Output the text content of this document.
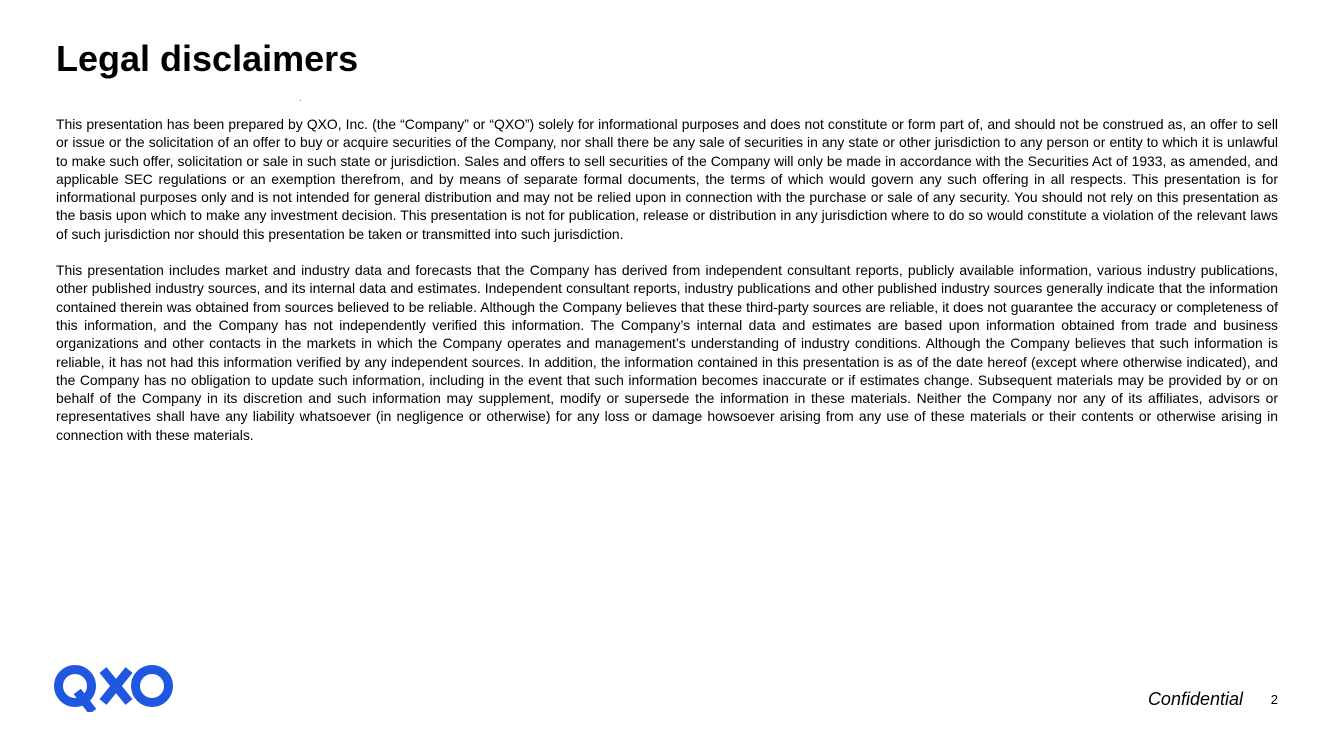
Legal disclaimers

This presentation has been prepared by QXO, Inc. (the “Company” or “QXO”) solely for informational purposes and does not constitute or form part of, and should not be construed as, an offer to sell or issue or the solicitation of an offer to buy or acquire securities of the Company, nor shall there be any sale of securities in any state or other jurisdiction to any person or entity to which it is unlawful to make such offer, solicitation or sale in such state or jurisdiction. Sales and offers to sell securities of the Company will only be made in accordance with the Securities Act of 1933, as amended, and applicable SEC regulations or an exemption therefrom, and by means of separate formal documents, the terms of which would govern any such offering in all respects. This presentation is for informational purposes only and is not intended for general distribution and may not be relied upon in connection with the purchase or sale of any security. You should not rely on this presentation as the basis upon which to make any investment decision. This presentation is not for publication, release or distribution in any jurisdiction where to do so would constitute a violation of the relevant laws of such jurisdiction nor should this presentation be taken or transmitted into such jurisdiction.

This presentation includes market and industry data and forecasts that the Company has derived from independent consultant reports, publicly available information, various industry publications, other published industry sources, and its internal data and estimates. Independent consultant reports, industry publications and other published industry sources generally indicate that the information contained therein was obtained from sources believed to be reliable. Although the Company believes that these third-party sources are reliable, it does not guarantee the accuracy or completeness of this information, and the Company has not independently verified this information. The Company’s internal data and estimates are based upon information obtained from trade and business organizations and other contacts in the markets in which the Company operates and management’s understanding of industry conditions. Although the Company believes that such information is reliable, it has not had this information verified by any independent sources. In addition, the information contained in this presentation is as of the date hereof (except where otherwise indicated), and the Company has no obligation to update such information, including in the event that such information becomes inaccurate or if estimates change. Subsequent materials may be provided by or on behalf of the Company in its discretion and such information may supplement, modify or supersede the information in these materials. Neither the Company nor any of its affiliates, advisors or representatives shall have any liability whatsoever (in negligence or otherwise) for any loss or damage howsoever arising from any use of these materials or their contents or otherwise arising in connection with these materials.

Confidential 2
